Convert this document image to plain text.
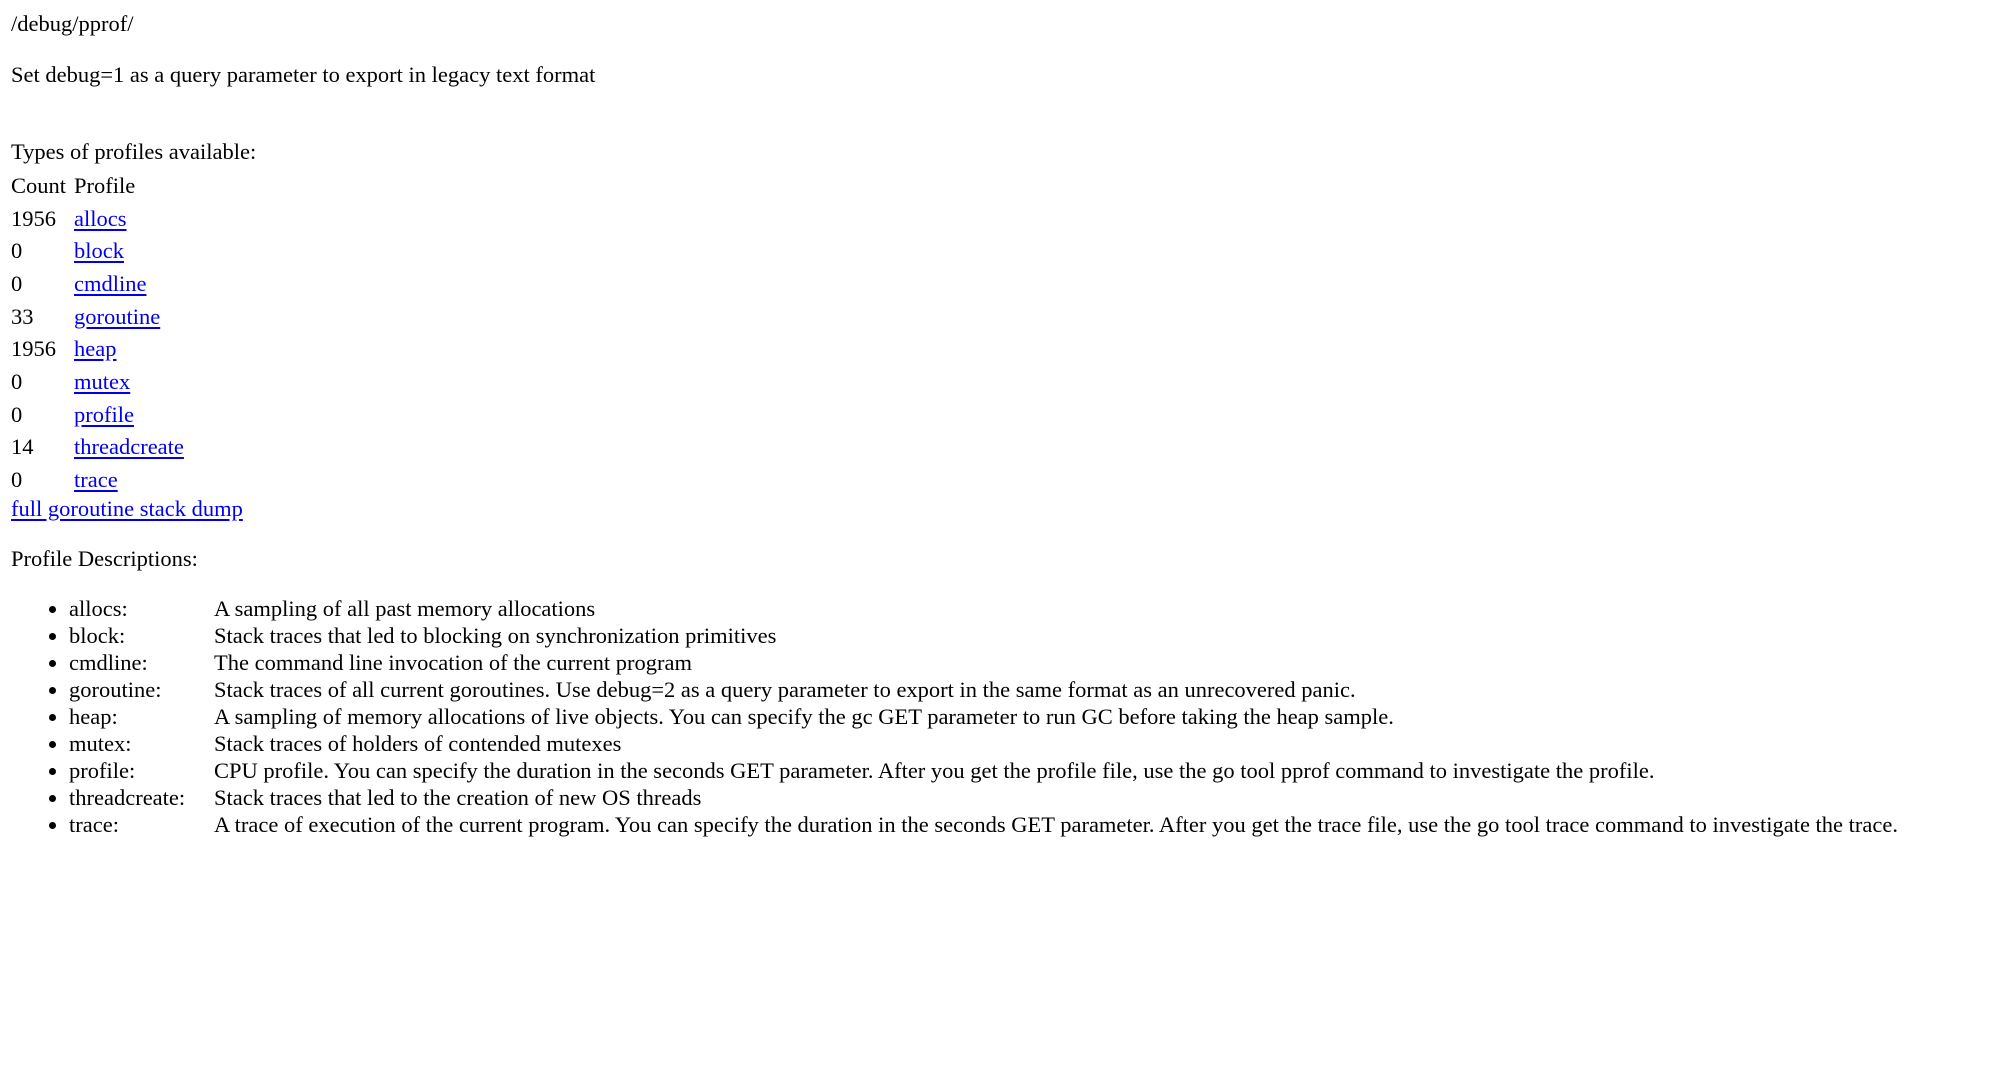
/debug/pprof/

Set debug=1 as a query parameter to export in legacy text format

Types of profiles available:

Count	Profile
1956	allocs
0	block
0	cmdline
33	goroutine
1956	heap
0	mutex
0	profile
14	threadcreate
0	trace
full goroutine stack dump

Profile Descriptions:

• allocs:	A sampling of all past memory allocations
• block:	Stack traces that led to blocking on synchronization primitives
• cmdline:	The command line invocation of the current program
• goroutine: Stack traces of all current goroutines. Use debug=2 as a query parameter to export in the same format as an unrecovered panic.
• heap:	A sampling of memory allocations of live objects. You can specify the gc GET parameter to run GC before taking the heap sample.
• mutex:	Stack traces of holders of contended mutexes
• profile:	CPU profile. You can specify the duration in the seconds GET parameter. After you get the profile file, use the go tool pprof command to investigate the profile.
• threadcreate: Stack traces that led to the creation of new OS threads
• trace:	A trace of execution of the current program. You can specify the duration in the seconds GET parameter. After you get the trace file, use the go tool trace command to investigate the trace.
